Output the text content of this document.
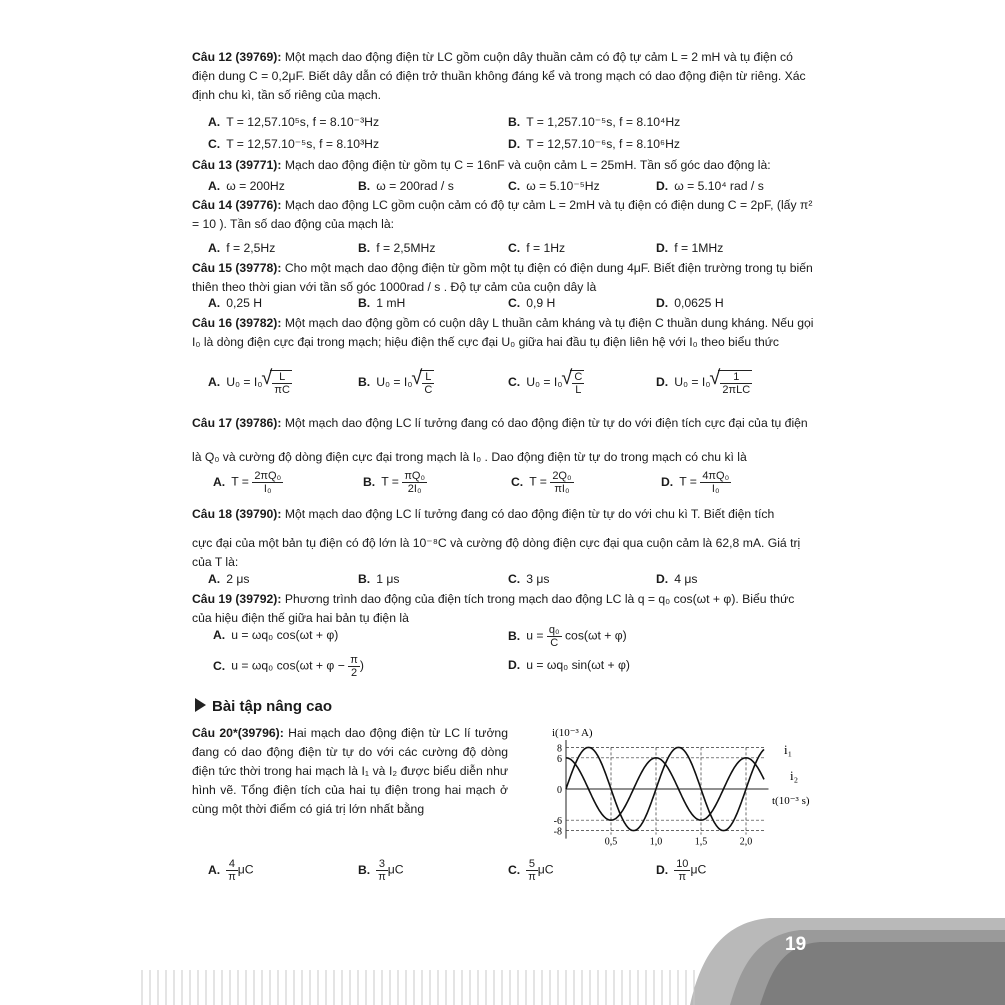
Câu 12 (39769): Một mạch dao động điện từ LC gồm cuộn dây thuần cảm có độ tự cảm L = 2 mH và tụ điện có điện dung C = 0,2μF. Biết dây dẫn có điện trở thuần không đáng kể và trong mạch có dao động điện từ riêng. Xác định chu kì, tần số riêng của mạch.
A. T = 12,57.10⁵s, f = 8.10⁻³Hz	B. T = 1,257.10⁻⁵s, f = 8.10⁴Hz
C. T = 12,57.10⁻⁵s, f = 8.10³Hz	D. T = 12,57.10⁻⁶s, f = 8.10⁶Hz
Câu 13 (39771): Mạch dao động điện từ gồm tụ C = 16nF và cuộn cảm L = 25mH. Tần số góc dao động là:
A. ω = 200Hz	B. ω = 200rad / s	C. ω = 5.10⁻⁵Hz	D. ω = 5.10⁴ rad / s
Câu 14 (39776): Mạch dao động LC gồm cuộn cảm có độ tự cảm L = 2mH và tụ điện có điện dung C = 2pF, (lấy π² = 10 ). Tần số dao động của mạch là:
A. f = 2,5Hz	B. f = 2,5MHz	C. f = 1Hz	D. f = 1MHz
Câu 15 (39778): Cho một mạch dao động điện từ gồm một tụ điện có điện dung 4μF. Biết điện trường trong tụ biến thiên theo thời gian với tần số góc 1000rad / s . Độ tự cảm của cuộn dây là
A. 0,25 H	B. 1 mH	C. 0,9 H	D. 0,0625 H
Câu 16 (39782): Một mạch dao động gồm có cuộn dây L thuần cảm kháng và tụ điện C thuần dung kháng. Nếu gọi I₀ là dòng điện cực đại trong mạch; hiệu điện thế cực đại U₀ giữa hai đầu tụ điện liên hệ với I₀ theo biểu thức
A. U₀ = I₀ √ $\frac{L}{\pi C}$	B. U₀ = I₀ √ $\frac{L}{C}$	C. U₀ = I₀ √ $\frac{C}{L}$	D. U₀ = I₀ √ $\frac{1}{\text{2πLC}}$
Câu 17 (39786): Một mạch dao động LC lí tưởng đang có dao động điện từ tự do với điện tích cực đại của tụ điện
là Q₀ và cường độ dòng điện cực đại trong mạch là I₀ . Dao động điện từ tự do trong mạch có chu kì là
A. $T = \frac{\text{2πQ₀}}{\text{I₀}}$	B. $T = \frac{\text{πQ₀}}{\text{2I₀}}$	C. $T = \frac{\text{2Q₀}}{\text{πI₀}}$	D. $T = \frac{\text{4πQ₀}}{\text{I₀}}$
Câu 18 (39790): Một mạch dao động LC lí tưởng đang có dao động điện từ tự do với chu kì T. Biết điện tích
cực đại của một bản tụ điện có độ lớn là 10⁻⁸C và cường độ dòng điện cực đại qua cuộn cảm là 62,8 mA. Giá trị của T là:
A. 2 μs	B. 1 μs	C. 3 μs	D. 4 μs
Câu 19 (39792): Phương trình dao động của điện tích trong mạch dao động LC là q = q₀ cos(ωt + φ). Biểu thức của hiệu điện thế giữa hai bản tụ điện là
A. u = ωq₀ cos(ωt + φ)	B. $u = \frac{\text{q₀}}{C} \cos(\omega t + \varphi)$
C. u = ωq₀ $\cos(\omega t + \varphi - \frac{\pi}{2}$ )	D. u = ωq₀ sin(ωt + φ)
Bài tập nâng cao
Câu 20*(39796): Hai mạch dao động điện từ LC lí tưởng đang có dao động điện từ tự do với các cường độ dòng điện tức thời trong hai mạch là I₁ và I₂ được biểu diễn như hình vẽ. Tổng điện tích của hai tụ điện trong hai mạch ở cùng một thời điểm có giá trị lớn nhất bằng
i(10⁻³ A)
t(10⁻³ s)
8
6
0
-6
-8
0,5	1,0	1,5	2,0
i₁
i₂
A. $\frac{4}{\pi}$ μC	B. $\frac{3}{\pi}$ μC	C. $\frac{5}{\pi}$ μC	D. $\frac{10}{\pi}$ μC
19
